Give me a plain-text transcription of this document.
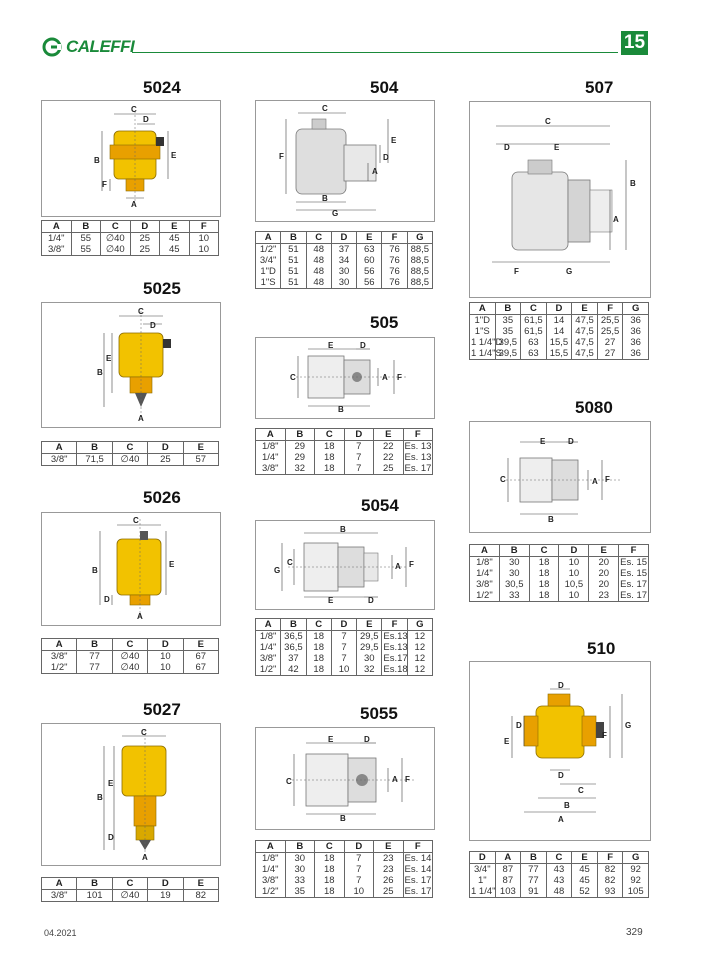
CALEFFI	15
5024
C
D
B
E
F
A
A	B	C	D	E	F
1/4"	55	∅40	25	45	10
3/8"	55	∅40	25	45	10
5025
C
D
B
E
A
A	B	C	D	E
3/8"	71,5	∅40	25	57
5026
C
B
E
D
A
A	B	C	D	E
3/8"	77	∅40	10	67
1/2"	77	∅40	10	67
5027
C
B
E
D
A
A	B	C	D	E
3/8"	101	∅40	19	82
504
C
F
E
D
A
B
G
A	B	C	D	E	F	G
1/2"	51	48	37	63	76	88,5
3/4"	51	48	34	60	76	88,5
1"D	51	48	30	56	76	88,5
1"S	51	48	30	56	76	88,5
505
E	D
C	A F
B
A	B	C	D	E	F
1/8"	29	18	7	22	Es. 13
1/4"	29	18	7	22	Es. 13
3/8"	32	18	7	25	Es. 17
5054
B
G
C	A F
E	D
A	B	C	D	E	F	G
1/8"	36,5	18	7	29,5	Es.13	12
1/4"	36,5	18	7	29,5	Es.13	12
3/8"	37	18	7	30	Es.17	12
1/2"	42	18	10	32	Es.18	12
5055
E	D
C	A F
B
A	B	C	D	E	F
1/8"	30	18	7	23	Es. 14
1/4"	30	18	7	23	Es. 14
3/8"	33	18	7	26	Es. 17
1/2"	35	18	10	25	Es. 17
507
C
D	E
B
A
F	G
A	B	C	D	E	F	G
1"D	35	61,5	14	47,5	25,5	36
1"S	35	61,5	14	47,5	25,5	36
1 1/4"D	39,5	63	15,5	47,5	27	36
1 1/4"S	39,5	63	15,5	47,5	27	36
5080
E	D
C	A F
B
A	B	C	D	E	F
1/8"	30	18	10	20	Es. 15
1/4"	30	18	10	20	Es. 15
3/8"	30,5	18	10,5	20	Es. 17
1/2"	33	18	10	23	Es. 17
510
D
G
F
E
D
D
C
B
A
D	A	B	C	E	F	G
3/4"	87	77	43	45	82	92
1"	87	77	43	45	82	92
1 1/4"	103	91	48	52	93	105
04.2021	329
